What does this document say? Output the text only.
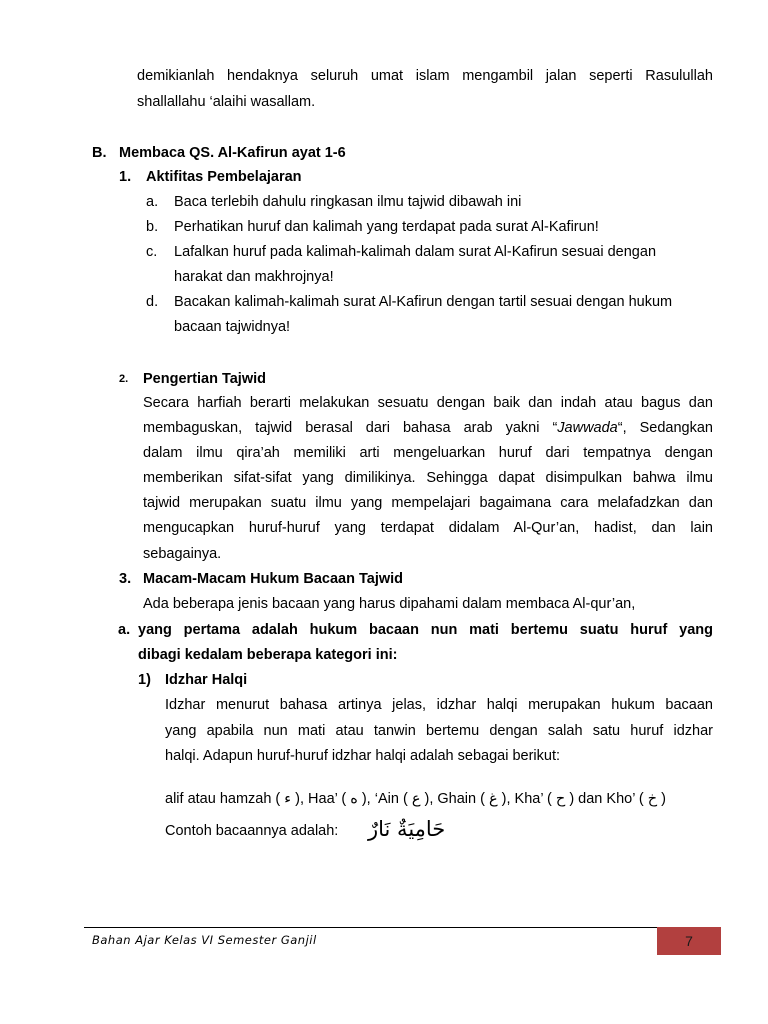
demikianlah hendaknya seluruh umat islam mengambil jalan seperti Rasulullah
shallallahu ‘alaihi wasallam.
B. Membaca QS. Al-Kafirun ayat 1-6
1. Aktifitas Pembelajaran
a. Baca terlebih dahulu ringkasan ilmu tajwid dibawah ini
b. Perhatikan huruf dan kalimah yang terdapat pada surat Al-Kafirun!
c. Lafalkan huruf pada kalimah-kalimah dalam surat Al-Kafirun sesuai dengan
harakat dan makhrojnya!
d. Bacakan kalimah-kalimah surat Al-Kafirun dengan tartil sesuai dengan hukum
bacaan tajwidnya!
2. Pengertian Tajwid
Secara harfiah berarti melakukan sesuatu dengan baik dan indah atau bagus dan
membaguskan, tajwid berasal dari bahasa arab yakni “Jawwada“, Sedangkan
dalam ilmu qira’ah memiliki arti mengeluarkan huruf dari tempatnya dengan
memberikan sifat-sifat yang dimilikinya. Sehingga dapat disimpulkan bahwa ilmu
tajwid merupakan suatu ilmu yang mempelajari bagaimana cara melafadzkan dan
mengucapkan huruf-huruf yang terdapat didalam Al-Qur’an, hadist, dan lain
sebagainya.
3. Macam-Macam Hukum Bacaan Tajwid
Ada beberapa jenis bacaan yang harus dipahami dalam membaca Al-qur’an,
a. yang pertama adalah hukum bacaan nun mati bertemu suatu huruf yang
dibagi kedalam beberapa kategori ini:
1) Idzhar Halqi
Idzhar menurut bahasa artinya jelas, idzhar halqi merupakan hukum bacaan
yang apabila nun mati atau tanwin bertemu dengan salah satu huruf idzhar
halqi. Adapun huruf-huruf idzhar halqi adalah sebagai berikut:
alif atau hamzah ( ء ), Haa’ ( ه ), ‘Ain ( ع ), Ghain ( غ ), Kha’ ( ح ) dan Kho’ ( خ )
Contoh bacaannya adalah: حَامِيَةٌ نَارٌ
Bahan Ajar Kelas VI Semester Ganjil	7
